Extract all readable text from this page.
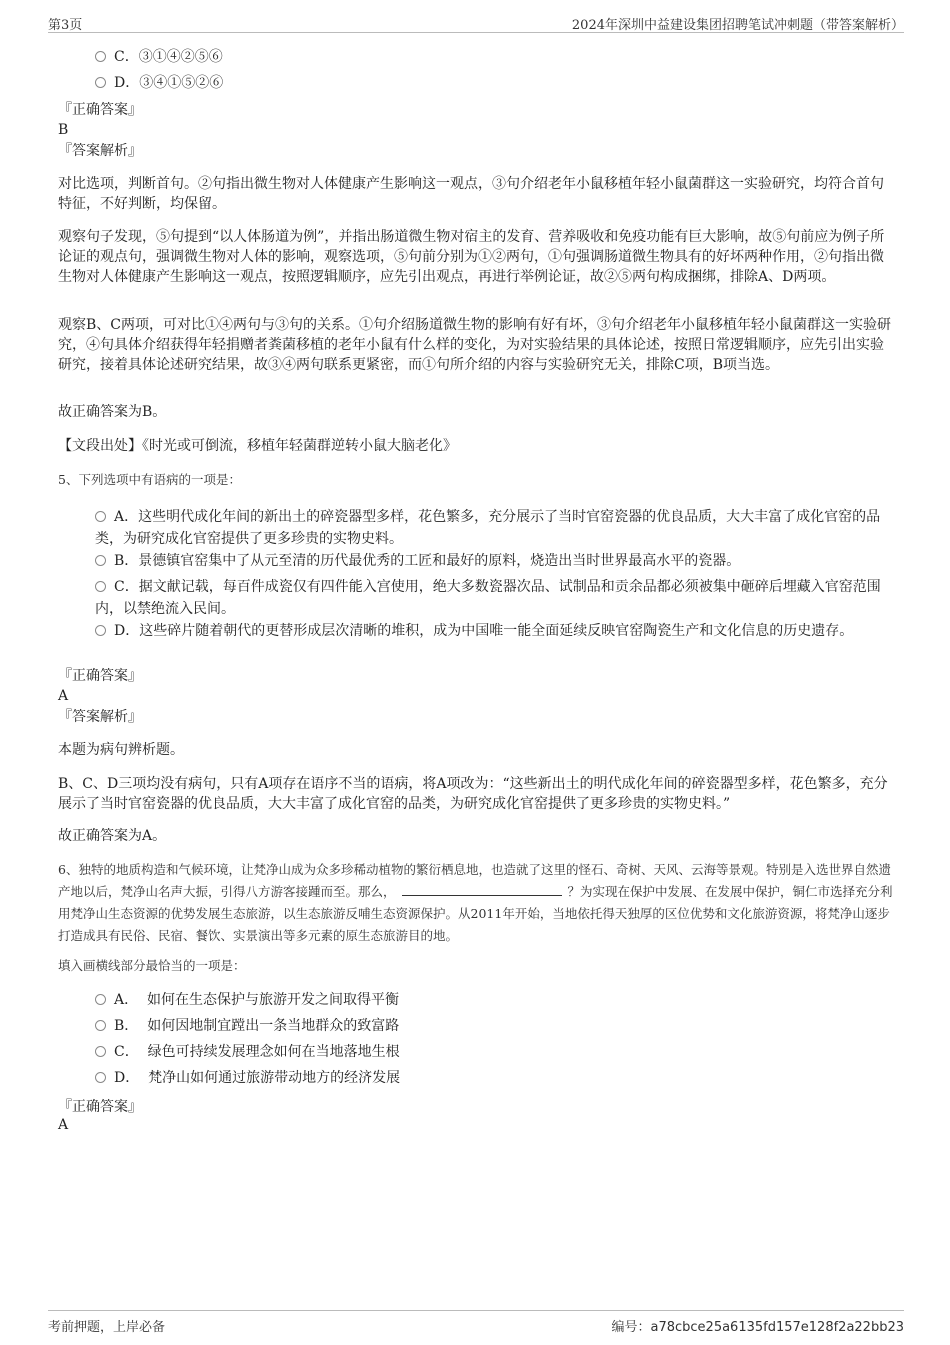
第3页	2024年深圳中益建设集团招聘笔试冲刺题（带答案解析）
C．③①④②⑤⑥
D．③④①⑤②⑥
『正确答案』
B
『答案解析』
对比选项，判断首句。②句指出微生物对人体健康产生影响这一观点，③句介绍老年小鼠移植年轻小鼠菌群这一实验研究，均符合首句特征，不好判断，均保留。
观察句子发现，⑤句提到“以人体肠道为例”，并指出肠道微生物对宿主的发育、营养吸收和免疫功能有巨大影响，故⑤句前应为例子所论证的观点句，强调微生物对人体的影响，观察选项，⑤句前分别为①②两句，①句强调肠道微生物具有的好坏两种作用，②句指出微生物对人体健康产生影响这一观点，按照逻辑顺序，应先引出观点，再进行举例论证，故②⑤两句构成捆绑，排除A、D两项。
观察B、C两项，可对比①④两句与③句的关系。①句介绍肠道微生物的影响有好有坏，③句介绍老年小鼠移植年轻小鼠菌群这一实验研究，④句具体介绍获得年轻捐赠者粪菌移植的老年小鼠有什么样的变化，为对实验结果的具体论述，按照日常逻辑顺序，应先引出实验研究，接着具体论述研究结果，故③④两句联系更紧密，而①句所介绍的内容与实验研究无关，排除C项，B项当选。
故正确答案为B。
【文段出处】《时光或可倒流，移植年轻菌群逆转小鼠大脑老化》
5、下列选项中有语病的一项是：
A．这些明代成化年间的新出土的碎瓷器型多样，花色繁多，充分展示了当时官窑瓷器的优良品质，大大丰富了成化官窑的品类，为研究成化官窑提供了更多珍贵的实物史料。
B．景德镇官窑集中了从元至清的历代最优秀的工匠和最好的原料，烧造出当时世界最高水平的瓷器。
C．据文献记载，每百件成瓷仅有四件能入宫使用，绝大多数瓷器次品、试制品和贡余品都必须被集中砸碎后埋藏入官窑范围内，以禁绝流入民间。
D．这些碎片随着朝代的更替形成层次清晰的堆积，成为中国唯一能全面延续反映官窑陶瓷生产和文化信息的历史遗存。
『正确答案』
A
『答案解析』
本题为病句辨析题。
B、C、D三项均没有病句，只有A项存在语序不当的语病，将A项改为：“这些新出土的明代成化年间的碎瓷器型多样，花色繁多，充分展示了当时官窑瓷器的优良品质，大大丰富了成化官窑的品类，为研究成化官窑提供了更多珍贵的实物史料。”
故正确答案为A。
6、独特的地质构造和气候环境，让梵净山成为众多珍稀动植物的繁衍栖息地，也造就了这里的怪石、奇树、天风、云海等景观。特别是入选世界自然遗产地以后，梵净山名声大振，引得八方游客接踵而至。那么，	？为实现在保护中发展、在发展中保护，铜仁市选择充分利用梵净山生态资源的优势发展生态旅游，以生态旅游反哺生态资源保护。从2011年开始，当地依托得天独厚的区位优势和文化旅游资源，将梵净山逐步打造成具有民俗、民宿、餐饮、实景演出等多元素的原生态旅游目的地。
填入画横线部分最恰当的一项是：
A． 如何在生态保护与旅游开发之间取得平衡
B． 如何因地制宜蹚出一条当地群众的致富路
C． 绿色可持续发展理念如何在当地落地生根
D． 梵净山如何通过旅游带动地方的经济发展
『正确答案』
A
考前押题，上岸必备	编号：a78cbce25a6135fd157e128f2a22bb23
